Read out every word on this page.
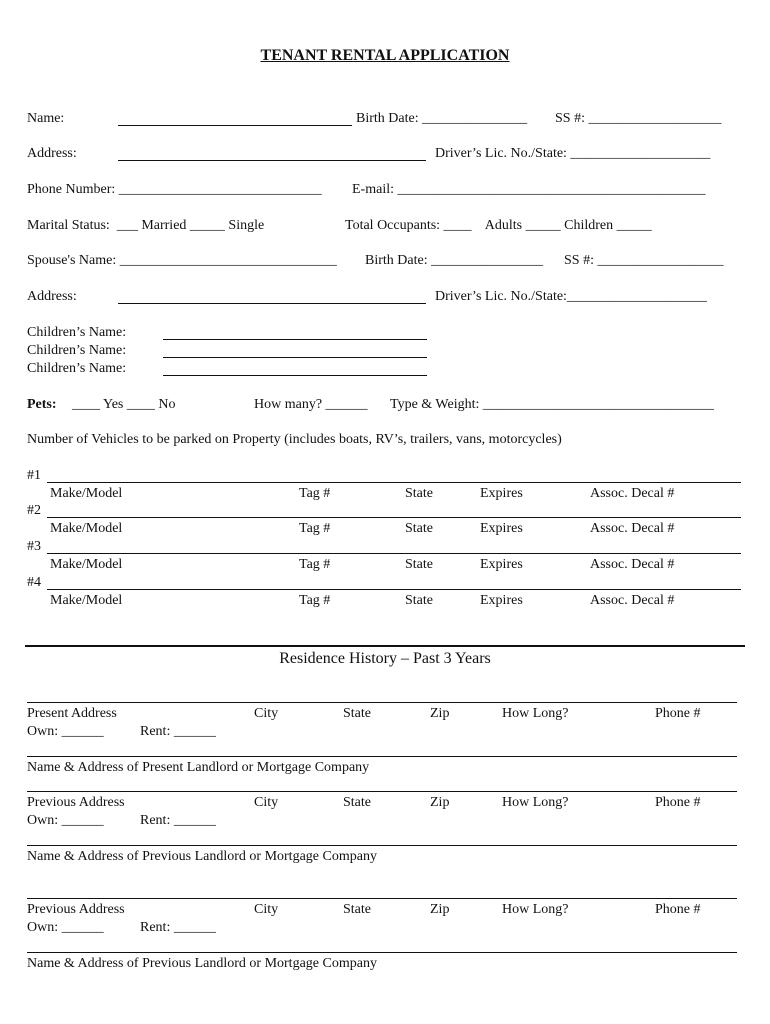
TENANT RENTAL APPLICATION
Name:	Birth Date: _______________ SS #: ___________________
Address:	Driver’s Lic. No./State: ____________________
Phone Number: _____________________________ E-mail: ____________________________________________
Marital Status:  ___ Married _____ Single	Total Occupants: ____    Adults _____ Children _____
Spouse's Name: _______________________________ Birth Date: ________________ SS #: __________________
Address:	Driver’s Lic. No./State:____________________
Children’s Name:
Children’s Name:
Children’s Name:
Pets: ____ Yes ____ No	How many? ______ Type & Weight: _________________________________
Number of Vehicles to be parked on Property (includes boats, RV’s, trailers, vans, motorcycles)
#1
Make/Model	Tag #	State	Expires	Assoc. Decal #
#2
Make/Model	Tag #	State	Expires	Assoc. Decal #
#3
Make/Model	Tag #	State	Expires	Assoc. Decal #
#4
Make/Model	Tag #	State	Expires	Assoc. Decal #
Residence History – Past 3 Years
Present Address	City	State	Zip	How Long?	Phone #
Own: ______	Rent: ______
Name & Address of Present Landlord or Mortgage Company
Previous Address	City	State	Zip	How Long?	Phone #
Own: ______	Rent: ______
Name & Address of Previous Landlord or Mortgage Company
Previous Address	City	State	Zip	How Long?	Phone #
Own: ______	Rent: ______
Name & Address of Previous Landlord or Mortgage Company
